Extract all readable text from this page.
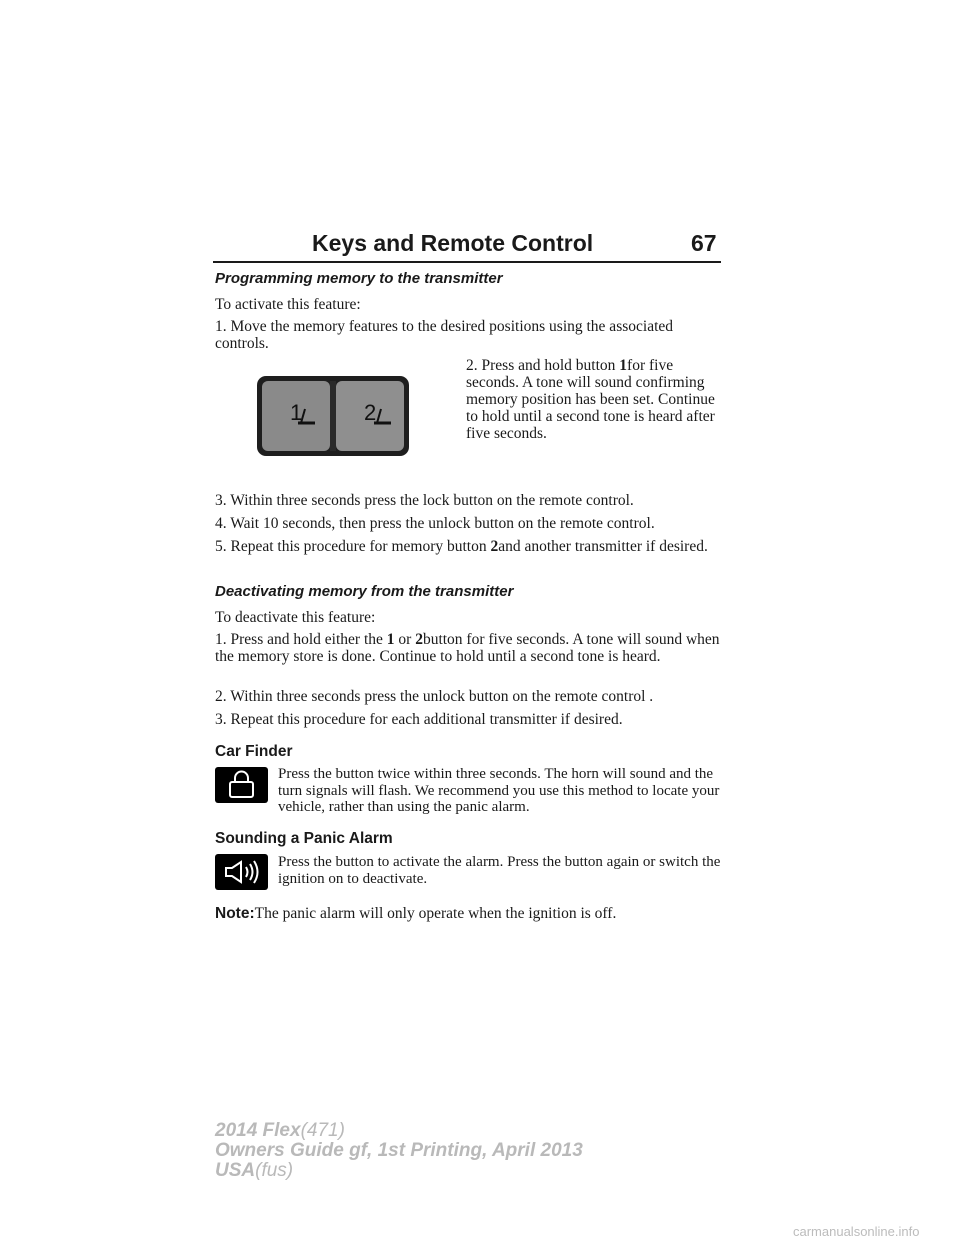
Keys and Remote Control	67
Programming memory to the transmitter

To activate this feature:

1. Move the memory features to the desired positions using the associated controls.

2. Press and hold button 1for five seconds. A tone will sound confirming memory position has been set. Continue to hold until a second tone is heard after five seconds.

1	2

3. Within three seconds press the lock button on the remote control.

4. Wait 10 seconds, then press the unlock button on the remote control.

5. Repeat this procedure for memory button 2and another transmitter if desired.

Deactivating memory from the transmitter

To deactivate this feature:

1. Press and hold either the 1 or 2button for five seconds. A tone will sound when the memory store is done. Continue to hold until a second tone is heard.

2. Within three seconds press the unlock button on the remote control .

3. Repeat this procedure for each additional transmitter if desired.

Car Finder

Press the button twice within three seconds. The horn will sound and the turn signals will flash. We recommend you use this method to locate your vehicle, rather than using the panic alarm.

Sounding a Panic Alarm

Press the button to activate the alarm. Press the button again or switch the ignition on to deactivate.

Note:The panic alarm will only operate when the ignition is off.

2014 Flex(471)
Owners Guide gf, 1st Printing, April 2013
USA(fus)
carmanualsonline.info
